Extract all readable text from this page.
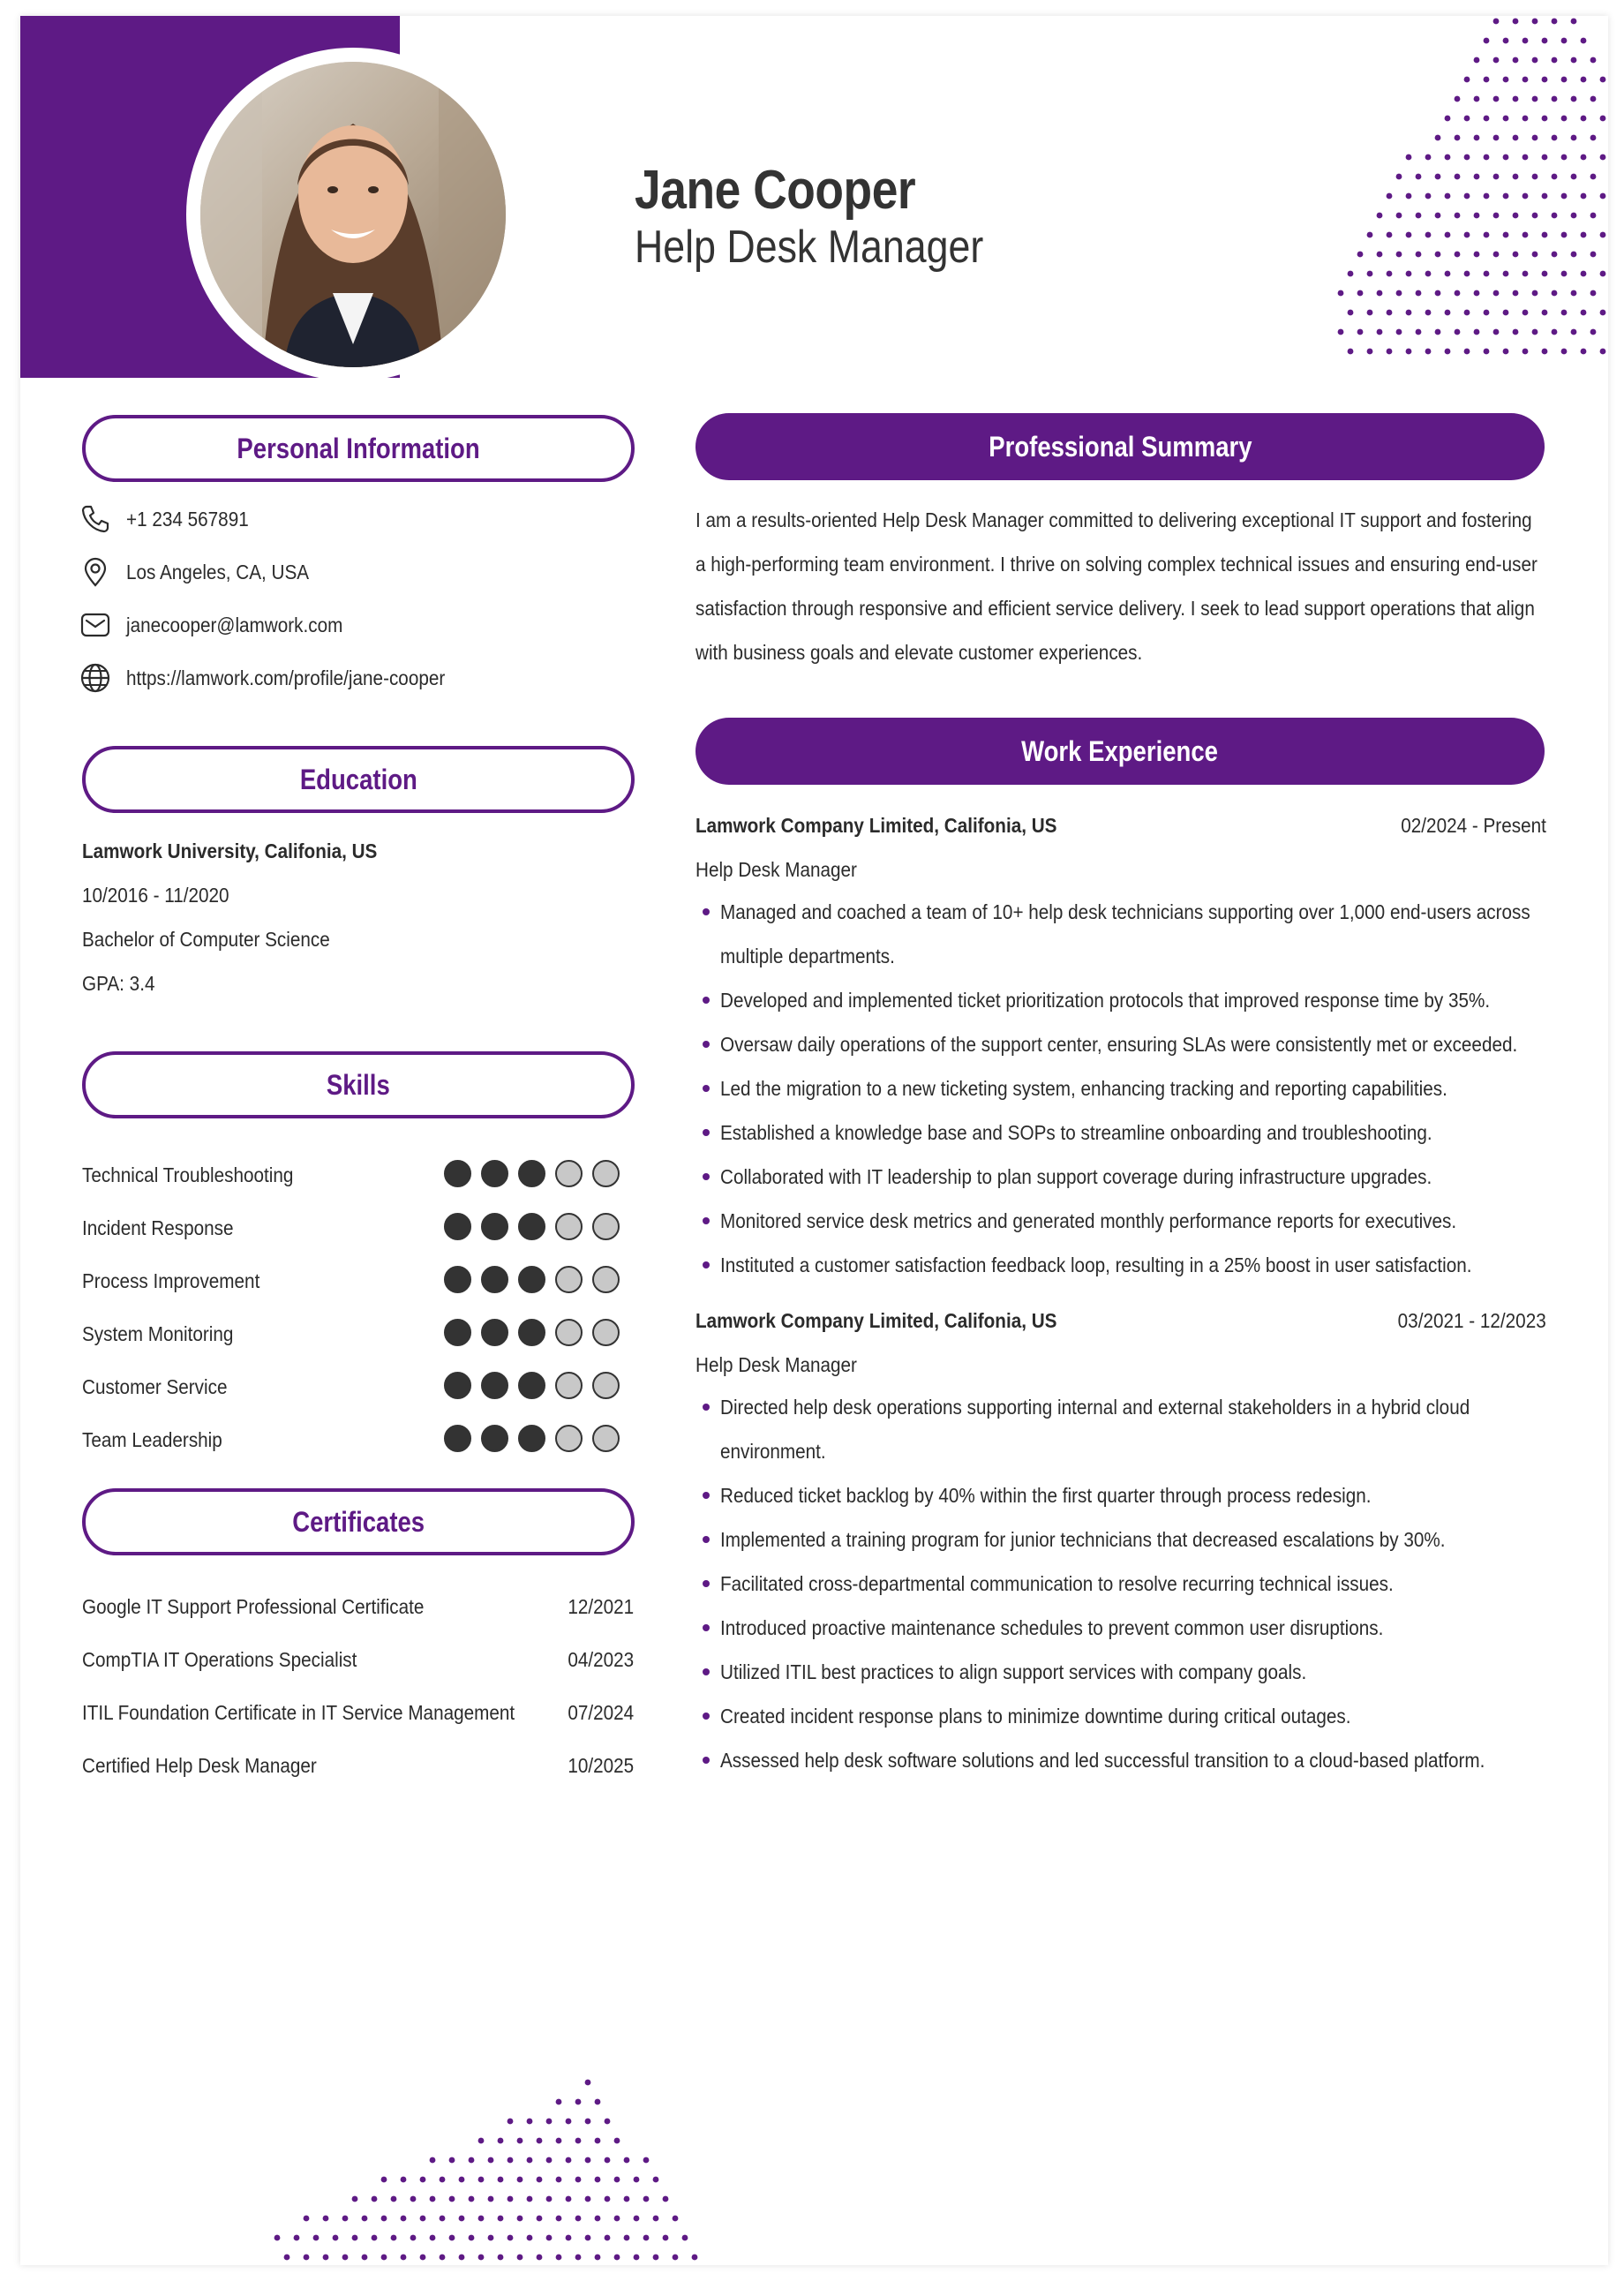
Jane Cooper
Help Desk Manager
Personal Information
+1 234 567891
Los Angeles, CA, USA
janecooper@lamwork.com
https://lamwork.com/profile/jane-cooper
Education
Lamwork University, Califonia, US
10/2016 - 11/2020
Bachelor of Computer Science
GPA: 3.4
Skills
Technical Troubleshooting
Incident Response
Process Improvement
System Monitoring
Customer Service
Team Leadership
Certificates
Google IT Support Professional Certificate	12/2021
CompTIA IT Operations Specialist	04/2023
ITIL Foundation Certificate in IT Service Management	07/2024
Certified Help Desk Manager	10/2025
Professional Summary
I am a results-oriented Help Desk Manager committed to delivering exceptional IT support and fostering a high-performing team environment. I thrive on solving complex technical issues and ensuring end-user satisfaction through responsive and efficient service delivery. I seek to lead support operations that align with business goals and elevate customer experiences.
Work Experience
Lamwork Company Limited, Califonia, US	02/2024 - Present
Help Desk Manager
Managed and coached a team of 10+ help desk technicians supporting over 1,000 end-users across multiple departments.
Developed and implemented ticket prioritization protocols that improved response time by 35%.
Oversaw daily operations of the support center, ensuring SLAs were consistently met or exceeded.
Led the migration to a new ticketing system, enhancing tracking and reporting capabilities.
Established a knowledge base and SOPs to streamline onboarding and troubleshooting.
Collaborated with IT leadership to plan support coverage during infrastructure upgrades.
Monitored service desk metrics and generated monthly performance reports for executives.
Instituted a customer satisfaction feedback loop, resulting in a 25% boost in user satisfaction.
Lamwork Company Limited, Califonia, US	03/2021 - 12/2023
Help Desk Manager
Directed help desk operations supporting internal and external stakeholders in a hybrid cloud environment.
Reduced ticket backlog by 40% within the first quarter through process redesign.
Implemented a training program for junior technicians that decreased escalations by 30%.
Facilitated cross-departmental communication to resolve recurring technical issues.
Introduced proactive maintenance schedules to prevent common user disruptions.
Utilized ITIL best practices to align support services with company goals.
Created incident response plans to minimize downtime during critical outages.
Assessed help desk software solutions and led successful transition to a cloud-based platform.
